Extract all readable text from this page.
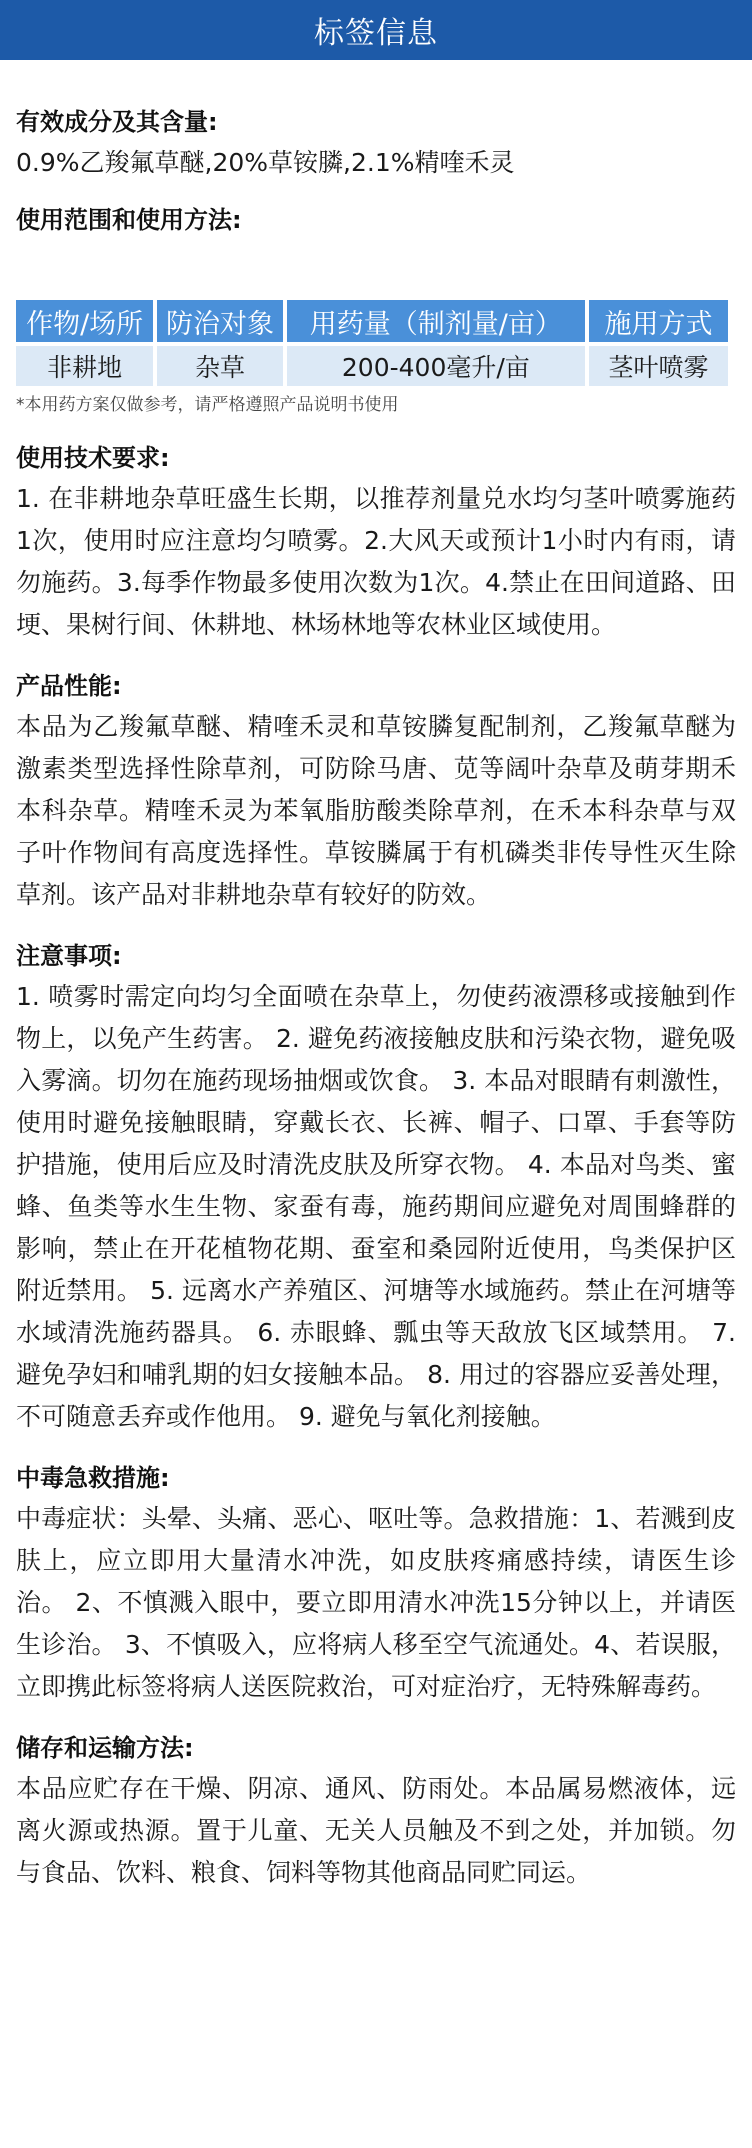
标签信息
有效成分及其含量:
0.9%乙羧氟草醚,20%草铵膦,2.1%精喹禾灵
使用范围和使用方法:
作物/场所	防治对象	用药量（制剂量/亩）	施用方式
非耕地	杂草	200-400毫升/亩	茎叶喷雾
*本用药方案仅做参考，请严格遵照产品说明书使用
使用技术要求:
1. 在非耕地杂草旺盛生长期，以推荐剂量兑水均匀茎叶喷雾施药1次，使用时应注意均匀喷雾。2.大风天或预计1小时内有雨，请勿施药。3.每季作物最多使用次数为1次。4.禁止在田间道路、田埂、果树行间、休耕地、林场林地等农林业区域使用。
产品性能:
本品为乙羧氟草醚、精喹禾灵和草铵膦复配制剂，乙羧氟草醚为激素类型选择性除草剂，可防除马唐、苋等阔叶杂草及萌芽期禾本科杂草。精喹禾灵为苯氧脂肪酸类除草剂，在禾本科杂草与双子叶作物间有高度选择性。草铵膦属于有机磷类非传导性灭生除草剂。该产品对非耕地杂草有较好的防效。
注意事项:
1. 喷雾时需定向均匀全面喷在杂草上，勿使药液漂移或接触到作物上，以免产生药害。 2. 避免药液接触皮肤和污染衣物，避免吸入雾滴。切勿在施药现场抽烟或饮食。 3. 本品对眼睛有刺激性，使用时避免接触眼睛，穿戴长衣、长裤、帽子、口罩、手套等防护措施，使用后应及时清洗皮肤及所穿衣物。 4. 本品对鸟类、蜜蜂、鱼类等水生生物、家蚕有毒，施药期间应避免对周围蜂群的影响，禁止在开花植物花期、蚕室和桑园附近使用，鸟类保护区附近禁用。 5. 远离水产养殖区、河塘等水域施药。禁止在河塘等水域清洗施药器具。 6. 赤眼蜂、瓢虫等天敌放飞区域禁用。 7. 避免孕妇和哺乳期的妇女接触本品。 8. 用过的容器应妥善处理，不可随意丢弃或作他用。 9. 避免与氧化剂接触。
中毒急救措施:
中毒症状：头晕、头痛、恶心、呕吐等。急救措施：1、若溅到皮肤上，应立即用大量清水冲洗，如皮肤疼痛感持续，请医生诊治。 2、不慎溅入眼中，要立即用清水冲洗15分钟以上，并请医生诊治。 3、不慎吸入，应将病人移至空气流通处。4、若误服，立即携此标签将病人送医院救治，可对症治疗，无特殊解毒药。
储存和运输方法:
本品应贮存在干燥、阴凉、通风、防雨处。本品属易燃液体，远离火源或热源。置于儿童、无关人员触及不到之处，并加锁。勿与食品、饮料、粮食、饲料等物其他商品同贮同运。
